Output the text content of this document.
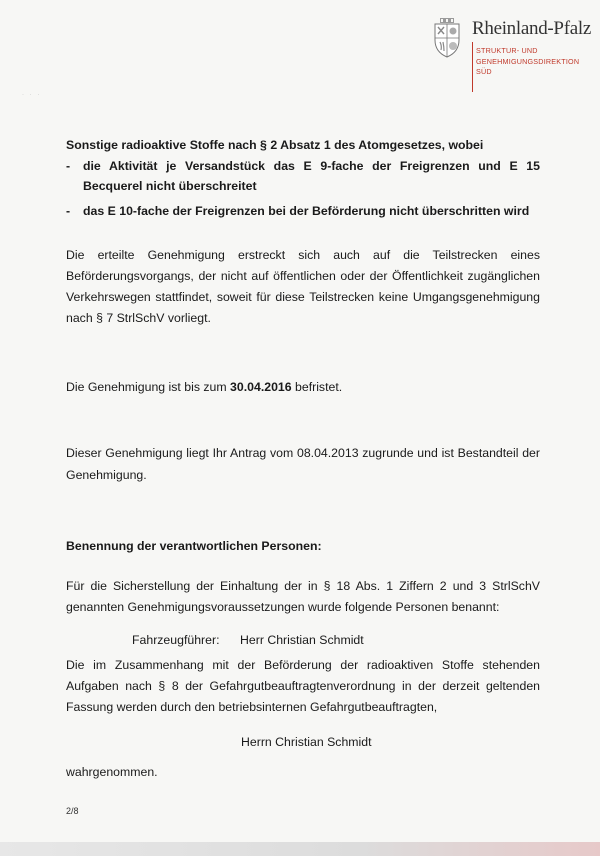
Rheinland-Pfalz
STRUKTUR- UND
GENEHMIGUNGSDIREKTION
SÜD
· · ·
Sonstige radioaktive Stoffe nach § 2 Absatz 1 des Atomgesetzes, wobei
-	die Aktivität je Versandstück das E 9-fache der Freigrenzen und E 15 Becquerel nicht überschreitet
-	das E 10-fache der Freigrenzen bei der Beförderung nicht überschritten wird

Die erteilte Genehmigung erstreckt sich auch auf die Teilstrecken eines Beförderungsvorgangs, der nicht auf öffentlichen oder der Öffentlichkeit zugänglichen Verkehrswegen stattfindet, soweit für diese Teilstrecken keine Umgangsgenehmigung nach § 7 StrlSchV vorliegt.

Die Genehmigung ist bis zum 30.04.2016 befristet.

Dieser Genehmigung liegt Ihr Antrag vom 08.04.2013 zugrunde und ist Bestandteil der Genehmigung.

Benennung der verantwortlichen Personen:

Für die Sicherstellung der Einhaltung der in § 18 Abs. 1 Ziffern 2 und 3 StrlSchV genannten Genehmigungsvoraussetzungen wurde folgende Personen benannt:

Fahrzeugführer:	Herr Christian Schmidt

Die im Zusammenhang mit der Beförderung der radioaktiven Stoffe stehenden Aufgaben nach § 8 der Gefahrgutbeauftragtenverordnung in der derzeit geltenden Fassung werden durch den betriebsinternen Gefahrgutbeauftragten,

Herrn Christian Schmidt

wahrgenommen.

2/8
